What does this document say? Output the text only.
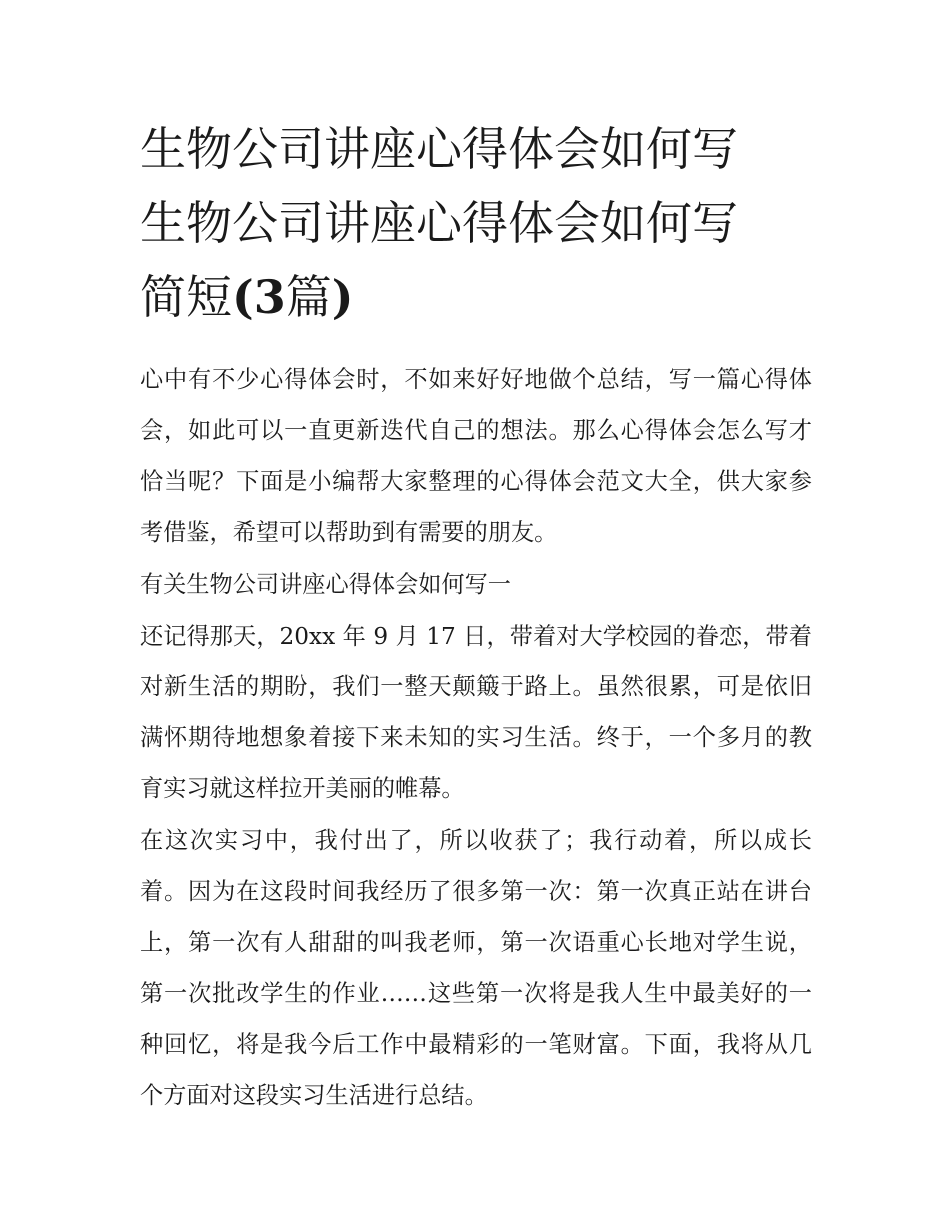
生物公司讲座心得体会如何写
生物公司讲座心得体会如何写
简短(3篇)

心中有不少心得体会时，不如来好好地做个总结，写一篇心得体会，如此可以一直更新迭代自己的想法。那么心得体会怎么写才恰当呢？下面是小编帮大家整理的心得体会范文大全，供大家参考借鉴，希望可以帮助到有需要的朋友。

有关生物公司讲座心得体会如何写一

还记得那天，20xx 年 9 月 17 日，带着对大学校园的眷恋，带着对新生活的期盼，我们一整天颠簸于路上。虽然很累，可是依旧满怀期待地想象着接下来未知的实习生活。终于，一个多月的教育实习就这样拉开美丽的帷幕。

在这次实习中，我付出了，所以收获了；我行动着，所以成长着。因为在这段时间我经历了很多第一次：第一次真正站在讲台上，第一次有人甜甜的叫我老师，第一次语重心长地对学生说，第一次批改学生的作业……这些第一次将是我人生中最美好的一种回忆，将是我今后工作中最精彩的一笔财富。下面，我将从几个方面对这段实习生活进行总结。
